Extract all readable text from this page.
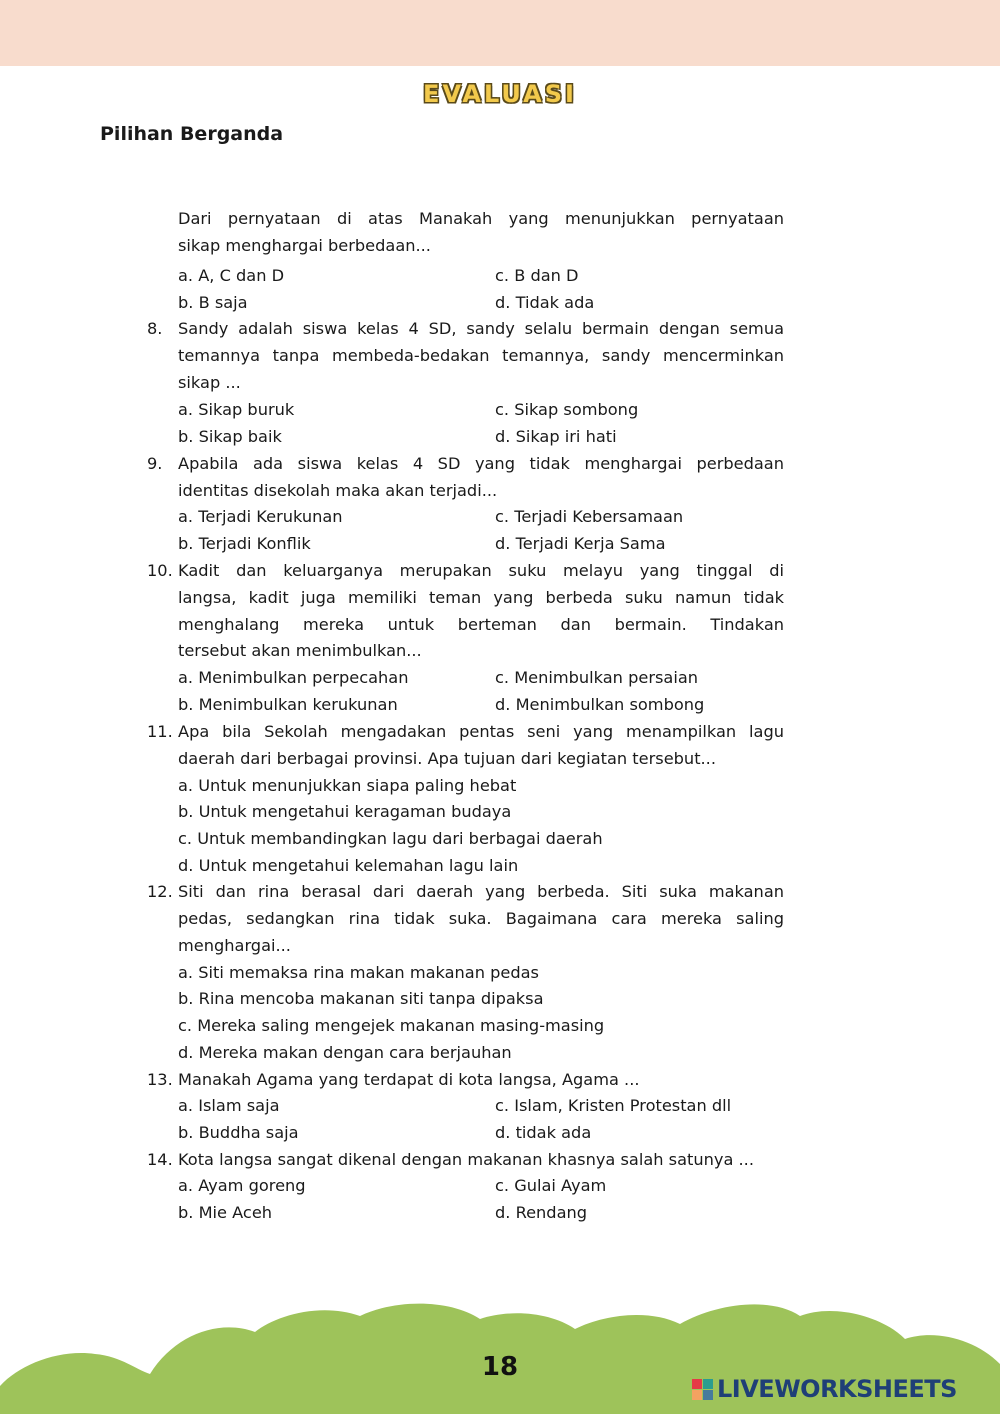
EVALUASI
Pilihan Berganda
Dari pernyataan di atas Manakah yang menunjukkan pernyataan
sikap menghargai berbedaan...
a. A, C dan D	c. B dan D
b. B saja	d. Tidak ada
8. Sandy adalah siswa kelas 4 SD, sandy selalu bermain dengan semua
temannya tanpa membeda-bedakan temannya, sandy mencerminkan
sikap ...
a. Sikap buruk	c. Sikap sombong
b. Sikap baik	d. Sikap iri hati
9. Apabila ada siswa kelas 4 SD yang tidak menghargai perbedaan
identitas disekolah maka akan terjadi...
a. Terjadi Kerukunan	c. Terjadi Kebersamaan
b. Terjadi Konflik	d. Terjadi Kerja Sama
10. Kadit dan keluarganya merupakan suku melayu yang tinggal di
langsa, kadit juga memiliki teman yang berbeda suku namun tidak
menghalang mereka untuk berteman dan bermain. Tindakan
tersebut akan menimbulkan...
a. Menimbulkan perpecahan	c. Menimbulkan persaian
b. Menimbulkan kerukunan	d. Menimbulkan sombong
11. Apa bila Sekolah mengadakan pentas seni yang menampilkan lagu
daerah dari berbagai provinsi. Apa tujuan dari kegiatan tersebut...
a. Untuk menunjukkan siapa paling hebat
b. Untuk mengetahui keragaman budaya
c. Untuk membandingkan lagu dari berbagai daerah
d. Untuk mengetahui kelemahan lagu lain
12. Siti dan rina berasal dari daerah yang berbeda. Siti suka makanan
pedas, sedangkan rina tidak suka. Bagaimana cara mereka saling
menghargai...
a. Siti memaksa rina makan makanan pedas
b. Rina mencoba makanan siti tanpa dipaksa
c. Mereka saling mengejek makanan masing-masing
d. Mereka makan dengan cara berjauhan
13. Manakah Agama yang terdapat di kota langsa, Agama ...
a. Islam saja	c. Islam, Kristen Protestan dll
b. Buddha saja	d. tidak ada
14. Kota langsa sangat dikenal dengan makanan khasnya salah satunya ...
a. Ayam goreng	c. Gulai Ayam
b. Mie Aceh	d. Rendang
18
LIVEWORKSHEETS
